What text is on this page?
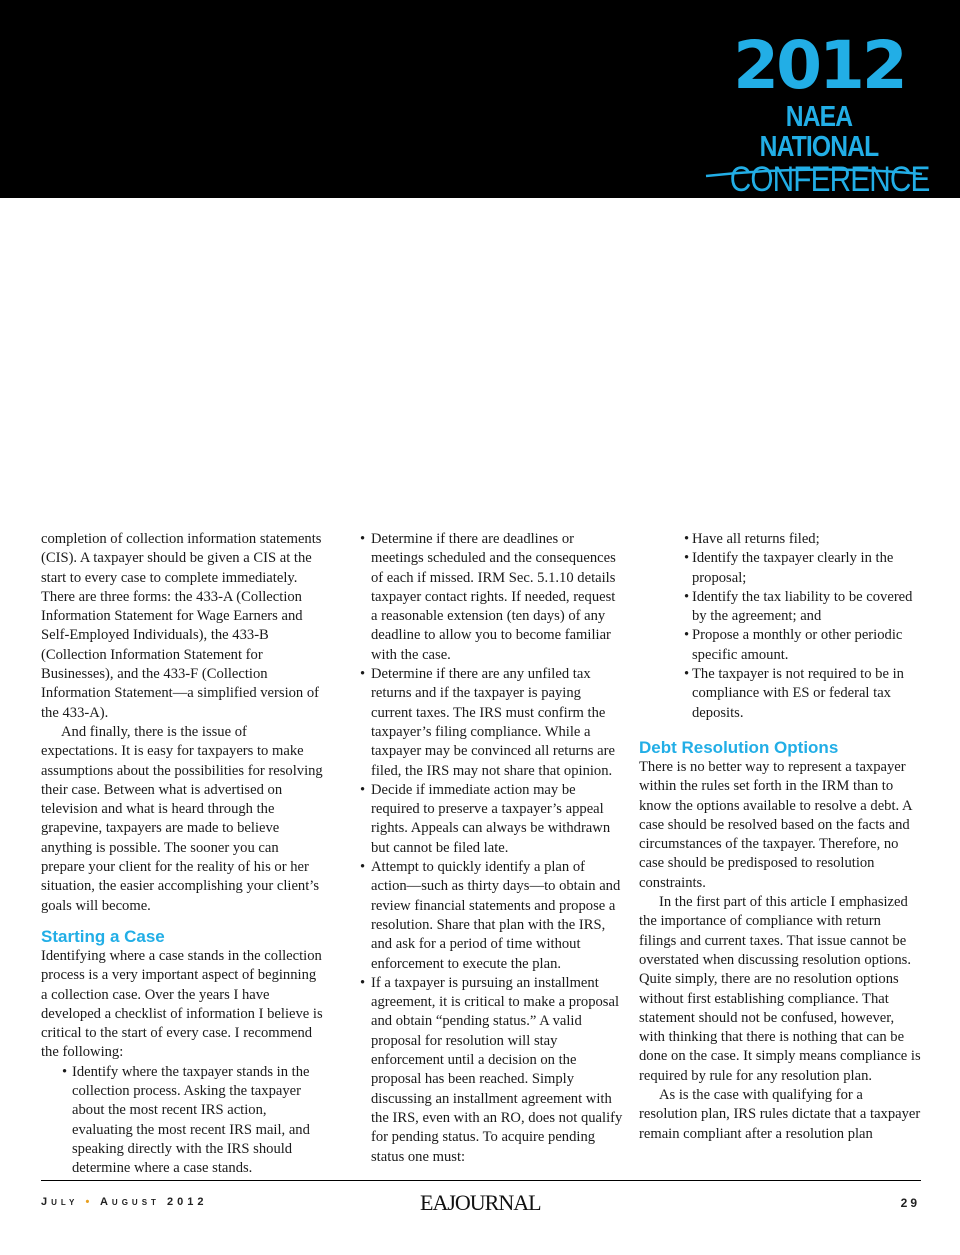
2012
NAEA NATIONAL
CONFERENCE

completion of collection information statements (CIS). A taxpayer should be given a CIS at the start to every case to complete immediately. There are three forms: the 433-A (Collection Information Statement for Wage Earners and Self-Employed Individuals), the 433-B (Collection Information Statement for Businesses), and the 433-F (Collection Information Statement—a simplified version of the 433-A).

And finally, there is the issue of expectations. It is easy for taxpayers to make assumptions about the possibilities for resolving their case. Between what is advertised on television and what is heard through the grapevine, taxpayers are made to believe anything is possible. The sooner you can prepare your client for the reality of his or her situation, the easier accomplishing your client’s goals will become.

Starting a Case

Identifying where a case stands in the collection process is a very important aspect of beginning a collection case. Over the years I have developed a checklist of information I believe is critical to the start of every case. I recommend the following:

• Identify where the taxpayer stands in the collection process. Asking the taxpayer about the most recent IRS action, evaluating the most recent IRS mail, and speaking directly with the IRS should determine where a case stands.
• Determine if there are deadlines or meetings scheduled and the consequences of each if missed. IRM Sec. 5.1.10 details taxpayer contact rights. If needed, request a reasonable extension (ten days) of any deadline to allow you to become familiar with the case.
• Determine if there are any unfiled tax returns and if the taxpayer is paying current taxes. The IRS must confirm the taxpayer’s filing compliance. While a taxpayer may be convinced all returns are filed, the IRS may not share that opinion.
• Decide if immediate action may be required to preserve a taxpayer’s appeal rights. Appeals can always be withdrawn but cannot be filed late.
• Attempt to quickly identify a plan of action—such as thirty days—to obtain and review financial statements and propose a resolution. Share that plan with the IRS, and ask for a period of time without enforcement to execute the plan.
• If a taxpayer is pursuing an installment agreement, it is critical to make a proposal and obtain “pending status.” A valid proposal for resolution will stay enforcement until a decision on the proposal has been reached. Simply discussing an installment agreement with the IRS, even with an RO, does not qualify for pending status. To acquire pending status one must:
• Have all returns filed;
• Identify the taxpayer clearly in the proposal;
• Identify the tax liability to be covered by the agreement; and
• Propose a monthly or other periodic specific amount.
• The taxpayer is not required to be in compliance with ES or federal tax deposits.
Debt Resolution Options

There is no better way to represent a taxpayer within the rules set forth in the IRM than to know the options available to resolve a debt. A case should be resolved based on the facts and circumstances of the taxpayer. Therefore, no case should be predisposed to resolution constraints.

In the first part of this article I emphasized the importance of compliance with return filings and current taxes. That issue cannot be overstated when discussing resolution options. Quite simply, there are no resolution options without first establishing compliance. That statement should not be confused, however, with thinking that there is nothing that can be done on the case. It simply means compliance is required by rule for any resolution plan.

As is the case with qualifying for a resolution plan, IRS rules dictate that a taxpayer remain compliant after a resolution plan

July • August 2012	EAJOURNAL	29
